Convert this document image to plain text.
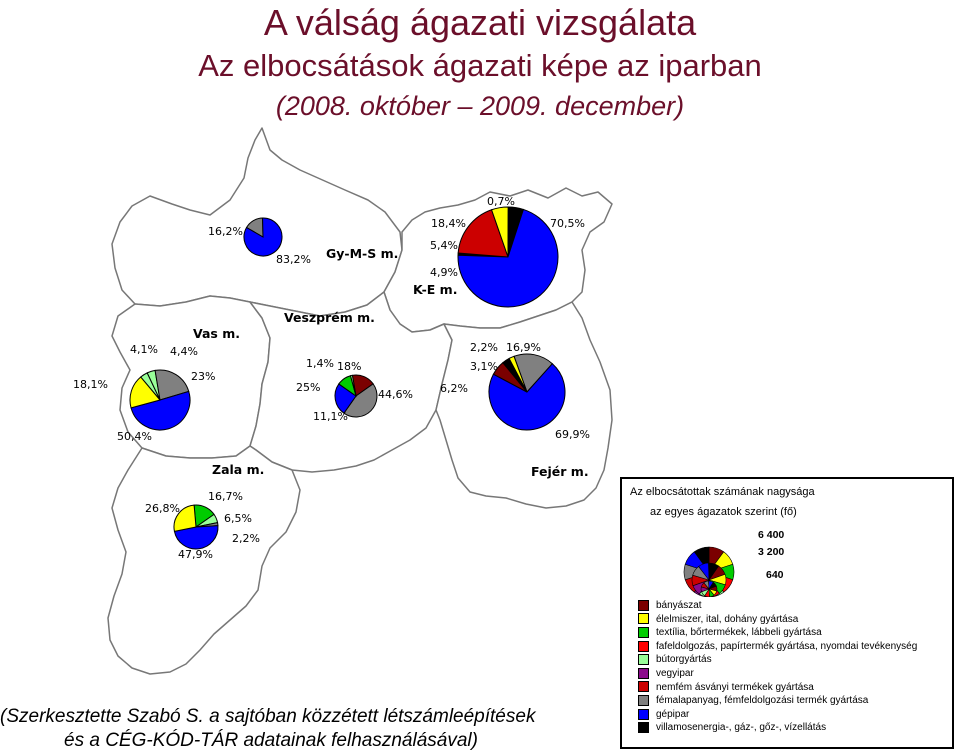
A válság ágazati vizsgálata
Az elbocsátások ágazati képe az iparban
(2008. október – 2009. december)
Gy-M-S m.
K-E m.
Vas m.
Veszprém m.
Fejér m.
Zala m.
16,2%
83,2%
0,7%
18,4%
5,4%
4,9%
70,5%
4,1% 4,4%
23%
50,4%
18,1%
1,4% 18%
25%
44,6%
11,1%
2,2% 16,9%
3,1%
6,2%
69,9%
16,7%
26,8%
6,5%
2,2%
47,9%
Az elbocsátottak számának nagysága
az egyes ágazatok szerint (fő)
6 400
3 200
640
bányászat
élelmiszer, ital, dohány gyártása
textília, bőrtermékek, lábbeli gyártása
fafeldolgozás, papírtermék gyártása, nyomdai tevékenység
bútorgyártás
vegyipar
nemfém ásványi termékek gyártása
fémalapanyag, fémfeldolgozási termék gyártása
gépipar
villamosenergia-, gáz-, gőz-, vízellátás
(Szerkesztette Szabó S. a sajtóban közzétett létszámleépítések
és a CÉG-KÓD-TÁR adatainak felhasználásával)
